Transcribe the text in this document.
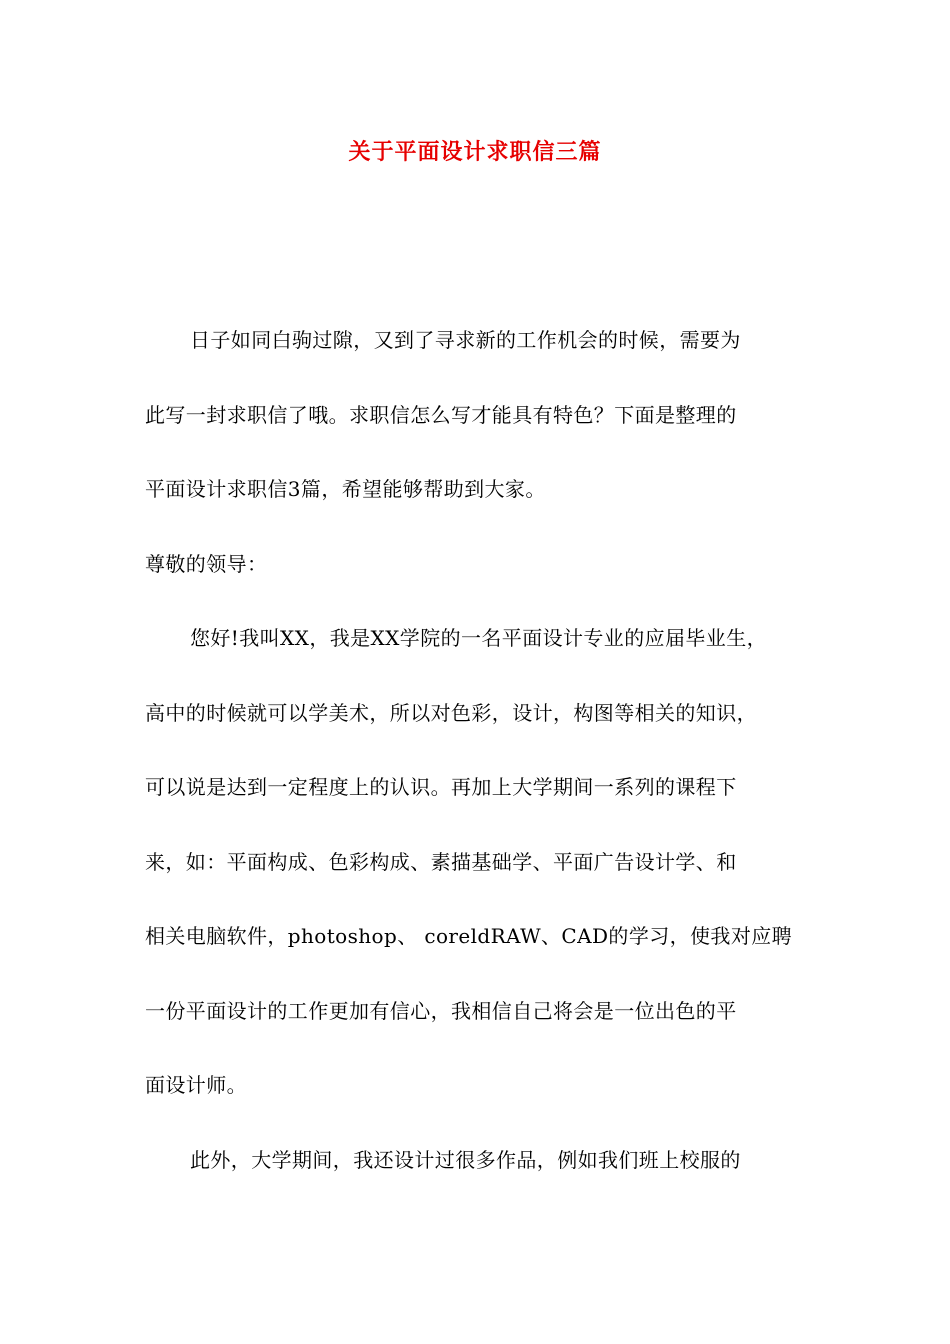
关于平面设计求职信三篇
日子如同白驹过隙，又到了寻求新的工作机会的时候，需要为
此写一封求职信了哦。求职信怎么写才能具有特色？下面是整理的
平面设计求职信3篇，希望能够帮助到大家。
尊敬的领导：
您好!我叫XX，我是XX学院的一名平面设计专业的应届毕业生，
高中的时候就可以学美术，所以对色彩，设计，构图等相关的知识，
可以说是达到一定程度上的认识。再加上大学期间一系列的课程下
来，如：平面构成、色彩构成、素描基础学、平面广告设计学、和
相关电脑软件，photoshop、 coreldRAW、CAD的学习，使我对应聘
一份平面设计的工作更加有信心，我相信自己将会是一位出色的平
面设计师。
此外，大学期间，我还设计过很多作品，例如我们班上校服的
